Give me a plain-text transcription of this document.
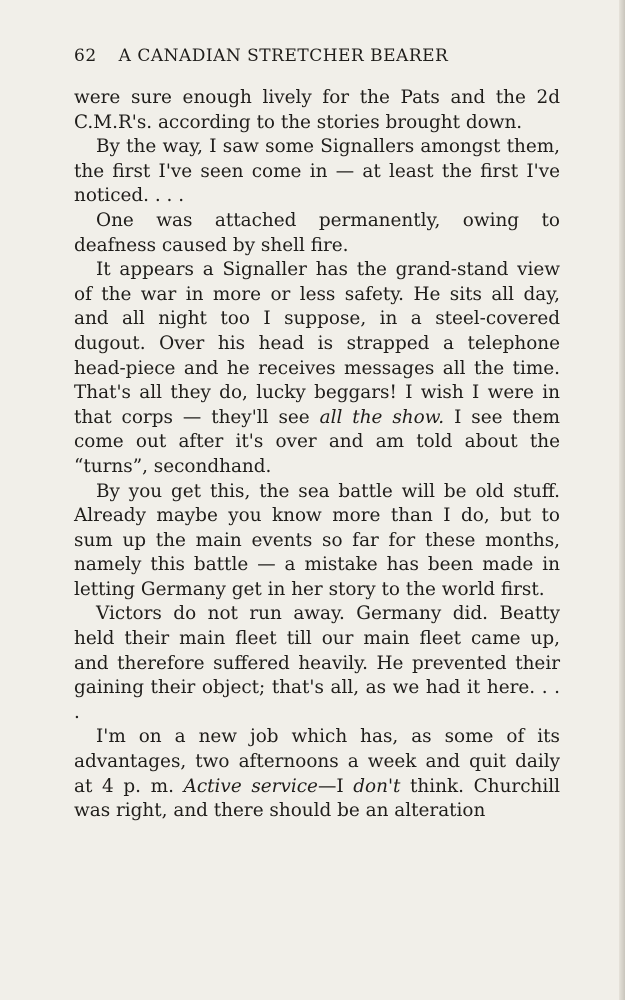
62 A CANADIAN STRETCHER BEARER

were sure enough lively for the Pats and the 2d C.M.R's. according to the stories brought down.

By the way, I saw some Signallers amongst them, the first I've seen come in — at least the first I've noticed. . . .

One was attached permanently, owing to deafness caused by shell fire.

It appears a Signaller has the grand-stand view of the war in more or less safety. He sits all day, and all night too I suppose, in a steel-covered dugout. Over his head is strapped a telephone head-piece and he receives messages all the time. That's all they do, lucky beggars! I wish I were in that corps — they'll see all the show. I see them come out after it's over and am told about the “turns”, secondhand.

By you get this, the sea battle will be old stuff. Already maybe you know more than I do, but to sum up the main events so far for these months, namely this battle — a mistake has been made in letting Germany get in her story to the world first.

Victors do not run away. Germany did. Beatty held their main fleet till our main fleet came up, and therefore suffered heavily. He prevented their gaining their object; that's all, as we had it here. . . .

I'm on a new job which has, as some of its advantages, two afternoons a week and quit daily at 4 p. m. Active service—I don't think. Churchill was right, and there should be an alteration
